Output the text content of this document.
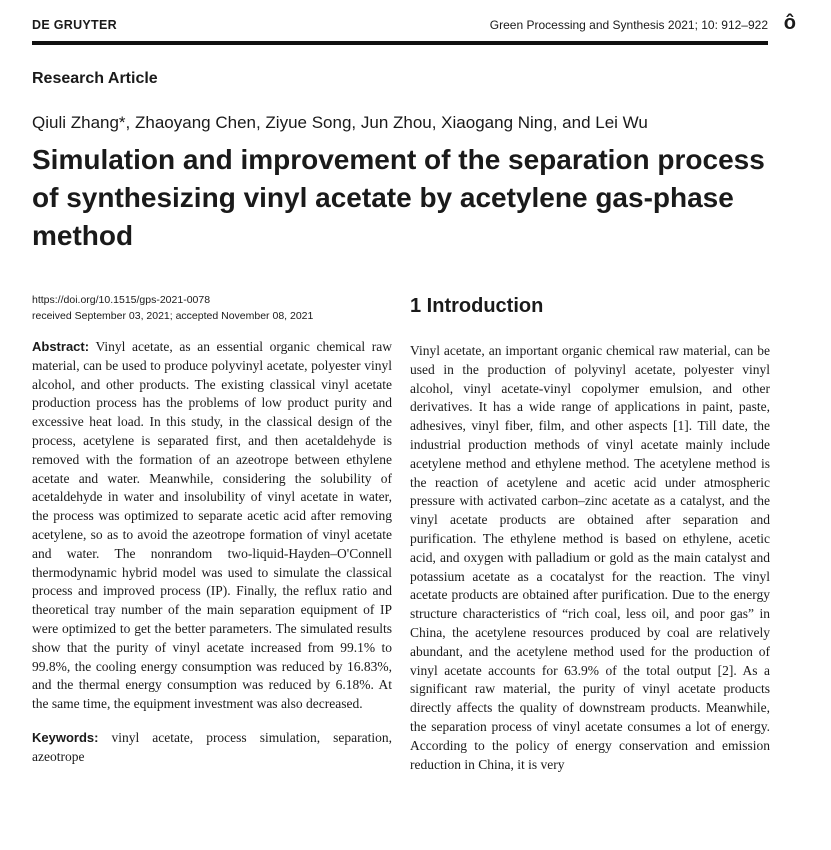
DE GRUYTER	Green Processing and Synthesis 2021; 10: 912–922 ô
Research Article
Qiuli Zhang*, Zhaoyang Chen, Ziyue Song, Jun Zhou, Xiaogang Ning, and Lei Wu
Simulation and improvement of the separation process of synthesizing vinyl acetate by acetylene gas-phase method
https://doi.org/10.1515/gps-2021-0078
received September 03, 2021; accepted November 08, 2021

Abstract: Vinyl acetate, as an essential organic chemical raw material, can be used to produce polyvinyl acetate, polyester vinyl alcohol, and other products. The existing classical vinyl acetate production process has the problems of low product purity and excessive heat load. In this study, in the classical design of the process, acetylene is separated first, and then acetaldehyde is removed with the formation of an azeotrope between ethylene acetate and water. Meanwhile, considering the solubility of acetaldehyde in water and insolubility of vinyl acetate in water, the process was optimized to separate acetic acid after removing acetylene, so as to avoid the azeotrope formation of vinyl acetate and water. The nonrandom two-liquid-Hayden–O'Connell thermodynamic hybrid model was used to simulate the classical process and improved process (IP). Finally, the reflux ratio and theoretical tray number of the main separation equipment of IP were optimized to get the better parameters. The simulated results show that the purity of vinyl acetate increased from 99.1% to 99.8%, the cooling energy consumption was reduced by 16.83%, and the thermal energy consumption was reduced by 6.18%. At the same time, the equipment investment was also decreased.

Keywords: vinyl acetate, process simulation, separation, azeotrope

1 Introduction

Vinyl acetate, an important organic chemical raw material, can be used in the production of polyvinyl acetate, polyester vinyl alcohol, vinyl acetate-vinyl copolymer emulsion, and other derivatives. It has a wide range of applications in paint, paste, adhesives, vinyl fiber, film, and other aspects [1]. Till date, the industrial production methods of vinyl acetate mainly include acetylene method and ethylene method. The acetylene method is the reaction of acetylene and acetic acid under atmospheric pressure with activated carbon–zinc acetate as a catalyst, and the vinyl acetate products are obtained after separation and purification. The ethylene method is based on ethylene, acetic acid, and oxygen with palladium or gold as the main catalyst and potassium acetate as a cocatalyst for the reaction. The vinyl acetate products are obtained after purification. Due to the energy structure characteristics of “rich coal, less oil, and poor gas” in China, the acetylene resources produced by coal are relatively abundant, and the acetylene method used for the production of vinyl acetate accounts for 63.9% of the total output [2]. As a significant raw material, the purity of vinyl acetate products directly affects the quality of downstream products. Meanwhile, the separation process of vinyl acetate consumes a lot of energy. According to the policy of energy conservation and emission reduction in China, it is very
